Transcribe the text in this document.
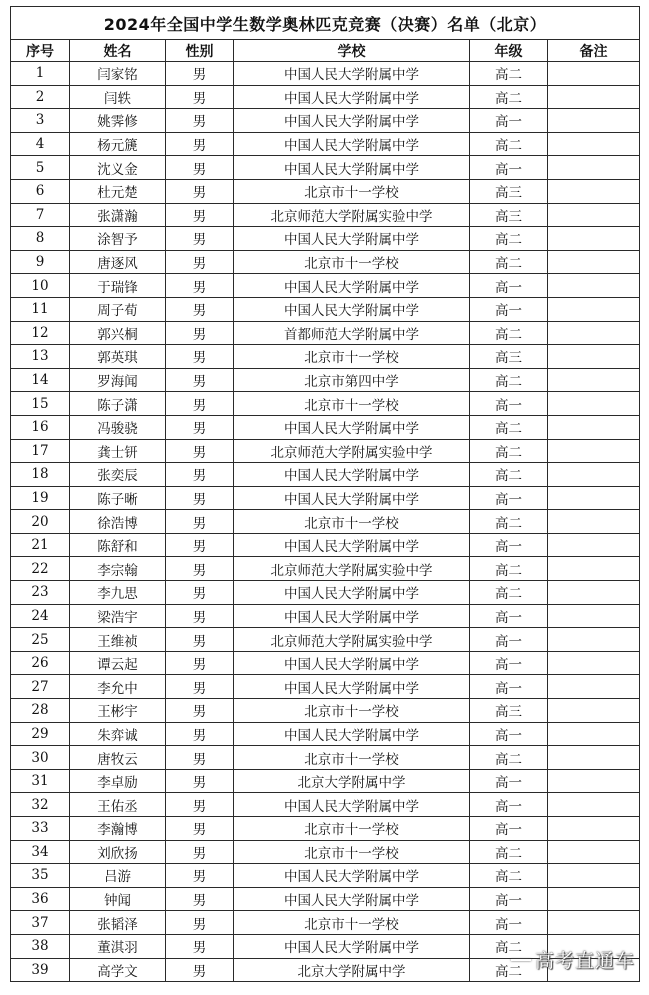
2024年全国中学生数学奥林匹克竞赛（决赛）名单（北京）					
序号	姓名	性别	学校	年级	备注
1	闫家铭	男	中国人民大学附属中学	高二	
2	闫轶	男	中国人民大学附属中学	高二	
3	姚霁修	男	中国人民大学附属中学	高一	
4	杨元篪	男	中国人民大学附属中学	高二	
5	沈义金	男	中国人民大学附属中学	高一	
6	杜元楚	男	北京市十一学校	高三	
7	张潇瀚	男	北京师范大学附属实验中学	高三	
8	涂智予	男	中国人民大学附属中学	高二	
9	唐逐风	男	北京市十一学校	高二	
10	于瑞锋	男	中国人民大学附属中学	高一	
11	周子荀	男	中国人民大学附属中学	高一	
12	郭兴桐	男	首都师范大学附属中学	高二	
13	郭英琪	男	北京市十一学校	高三	
14	罗海闻	男	北京市第四中学	高二	
15	陈子潇	男	北京市十一学校	高一	
16	冯骏骁	男	中国人民大学附属中学	高二	
17	龚士钘	男	北京师范大学附属实验中学	高二	
18	张奕辰	男	中国人民大学附属中学	高二	
19	陈子晰	男	中国人民大学附属中学	高一	
20	徐浩博	男	北京市十一学校	高二	
21	陈舒和	男	中国人民大学附属中学	高一	
22	李宗翰	男	北京师范大学附属实验中学	高二	
23	李九思	男	中国人民大学附属中学	高二	
24	梁浩宇	男	中国人民大学附属中学	高一	
25	王维祯	男	北京师范大学附属实验中学	高一	
26	谭云起	男	中国人民大学附属中学	高一	
27	李允中	男	中国人民大学附属中学	高一	
28	王彬宇	男	北京市十一学校	高三	
29	朱弈诚	男	中国人民大学附属中学	高一	
30	唐牧云	男	北京市十一学校	高二	
31	李卓励	男	北京大学附属中学	高一	
32	王佑丞	男	中国人民大学附属中学	高一	
33	李瀚博	男	北京市十一学校	高一	
34	刘欣扬	男	北京市十一学校	高二	
35	吕游	男	中国人民大学附属中学	高二	
36	钟闻	男	中国人民大学附属中学	高一	
37	张韬泽	男	北京市十一学校	高一	
38	董淇羽	男	中国人民大学附属中学	高二	
39	高学文	男	北京大学附属中学	高二	高考直通车
